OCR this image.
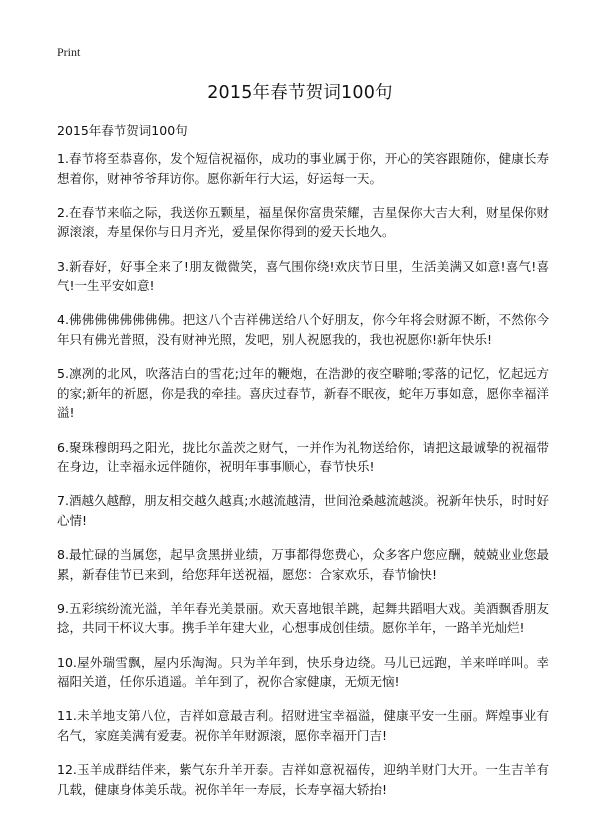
Print
2015年春节贺词100句
2015年春节贺词100句
1.春节将至恭喜你，发个短信祝福你，成功的事业属于你，开心的笑容跟随你，健康长寿想着你，财神爷爷拜访你。愿你新年行大运，好运每一天。
2.在春节来临之际，我送你五颗星，福星保你富贵荣耀，吉星保你大吉大利，财星保你财源滚滚，寿星保你与日月齐光，爱星保你得到的爱天长地久。
3.新春好，好事全来了!朋友微微笑，喜气围你绕!欢庆节日里，生活美满又如意!喜气!喜气!一生平安如意!
4.佛佛佛佛佛佛佛佛。把这八个吉祥佛送给八个好朋友，你今年将会财源不断，不然你今年只有佛光普照，没有财神光照，发吧，别人祝愿我的，我也祝愿你!新年快乐!
5.凛冽的北风，吹落洁白的雪花;过年的鞭炮，在浩渺的夜空噼啪;零落的记忆，忆起远方的家;新年的祈愿，你是我的牵挂。喜庆过春节，新春不眠夜，蛇年万事如意，愿你幸福洋溢!
6.聚珠穆朗玛之阳光，拢比尔盖茨之财气，一并作为礼物送给你，请把这最诚挚的祝福带在身边，让幸福永远伴随你，祝明年事事顺心，春节快乐!
7.酒越久越醇，朋友相交越久越真;水越流越清，世间沧桑越流越淡。祝新年快乐，时时好心情!
8.最忙碌的当属您，起早贪黑拼业绩，万事都得您费心，众多客户您应酬，兢兢业业您最累，新春佳节已来到，给您拜年送祝福，愿您：合家欢乐，春节愉快!
9.五彩缤纷流光溢，羊年春光美景丽。欢天喜地银羊跳，起舞共蹈唱大戏。美酒飘香朋友捻，共同干杯议大事。携手羊年建大业，心想事成创佳绩。愿你羊年，一路羊光灿烂!
10.屋外瑞雪飘，屋内乐淘淘。只为羊年到，快乐身边绕。马儿已远跑，羊来咩咩叫。幸福阳关道，任你乐逍遥。羊年到了，祝你合家健康，无烦无恼!
11.未羊地支第八位，吉祥如意最吉利。招财进宝幸福溢，健康平安一生丽。辉煌事业有名气，家庭美满有爱妻。祝你羊年财源滚，愿你幸福开门吉!
12.玉羊成群结伴来，紫气东升羊开泰。吉祥如意祝福传，迎纳羊财门大开。一生吉羊有几载，健康身体美乐哉。祝你羊年一寿辰，长寿享福大轿抬!
